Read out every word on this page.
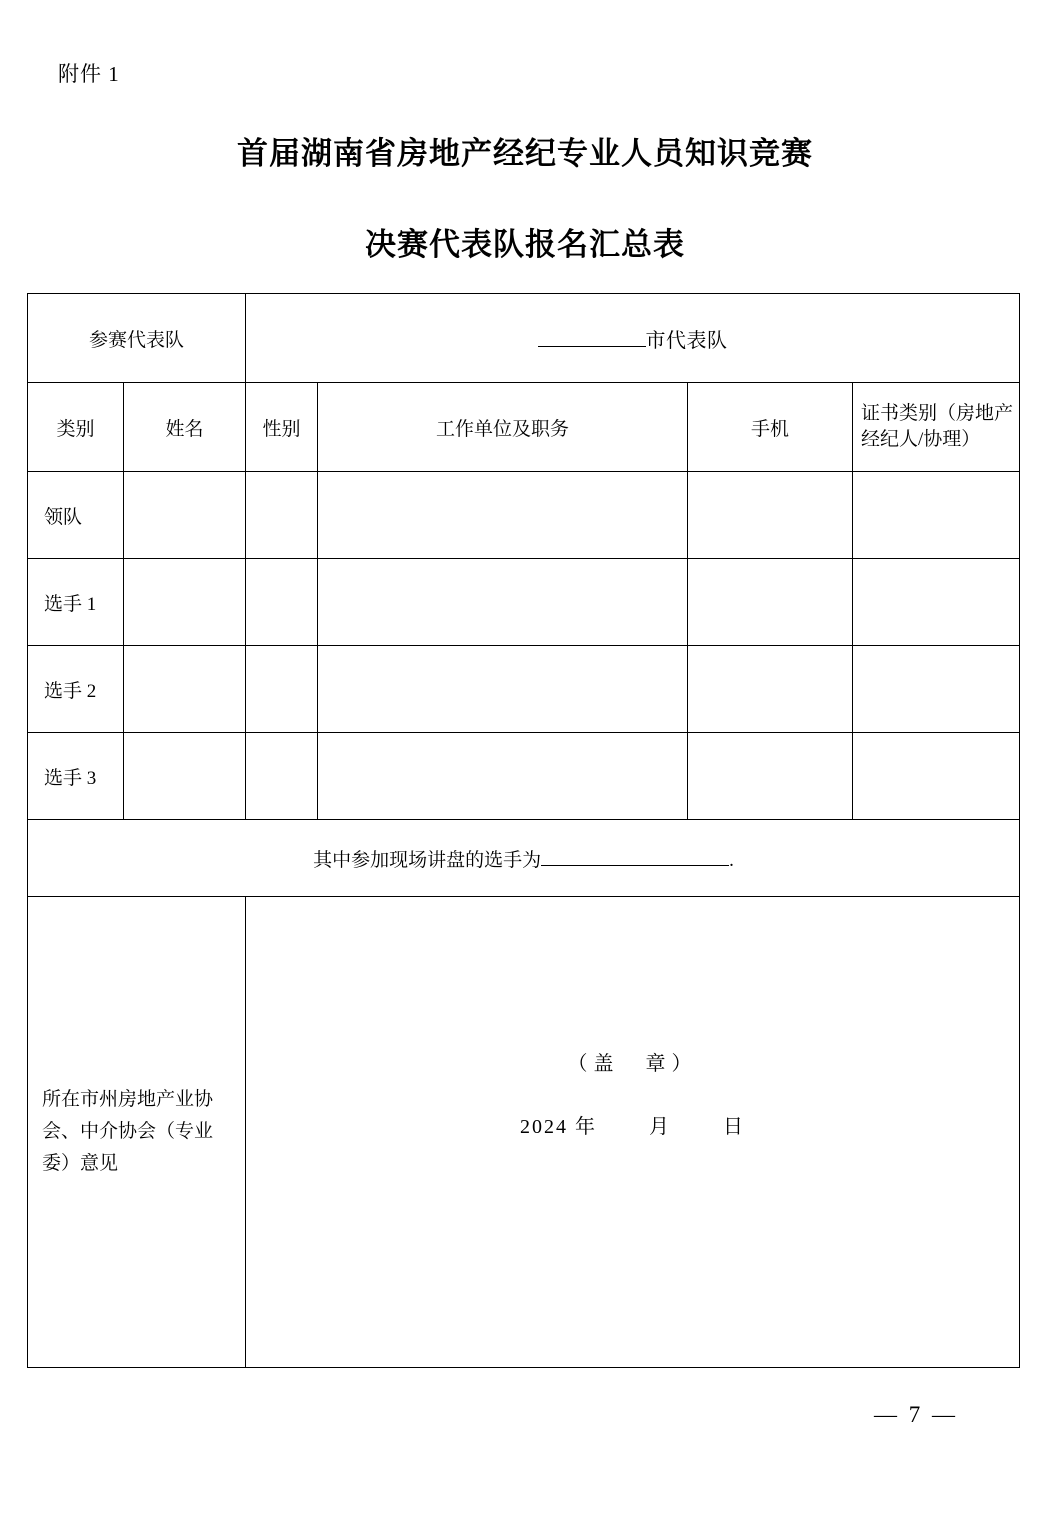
附件 1
首届湖南省房地产经纪专业人员知识竞赛
决赛代表队报名汇总表
参赛代表队		市代表队			
类别	姓名	性别	工作单位及职务	手机	证书类别（房地产经纪人/协理）
领队					
选手 1					
选手 2					
选手 3					
其中参加现场讲盘的选手为 .					
所在市州房地产业协会、中介协会（专业委）意见		（盖　章）
2024 年 月 日			
— 7 —
